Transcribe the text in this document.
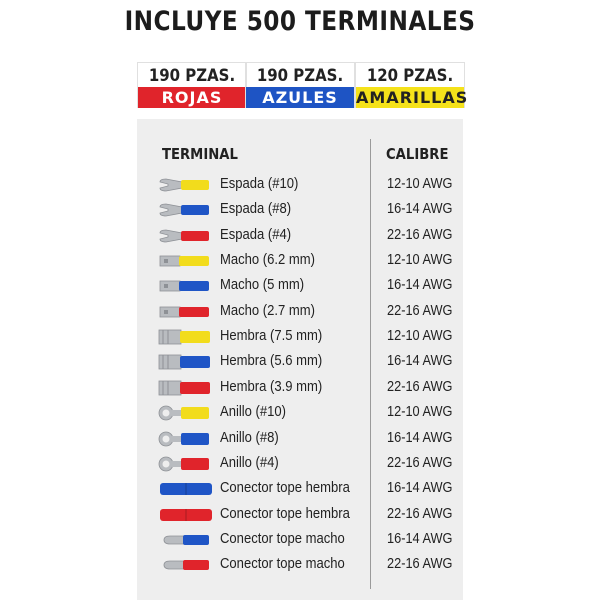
INCLUYE 500 TERMINALES
190 PZAS.
ROJAS
190 PZAS.
AZULES
120 PZAS.
AMARILLAS
TERMINAL	CALIBRE
Espada (#10)	12-10 AWG
Espada (#8)	16-14 AWG
Espada (#4)	22-16 AWG
Macho (6.2 mm)	12-10 AWG
Macho (5 mm)	16-14 AWG
Macho (2.7 mm)	22-16 AWG
Hembra (7.5 mm)	12-10 AWG
Hembra (5.6 mm)	16-14 AWG
Hembra (3.9 mm)	22-16 AWG
Anillo (#10)	12-10 AWG
Anillo (#8)	16-14 AWG
Anillo (#4)	22-16 AWG
Conector tope hembra	16-14 AWG
Conector tope hembra	22-16 AWG
Conector tope macho	16-14 AWG
Conector tope macho	22-16 AWG
